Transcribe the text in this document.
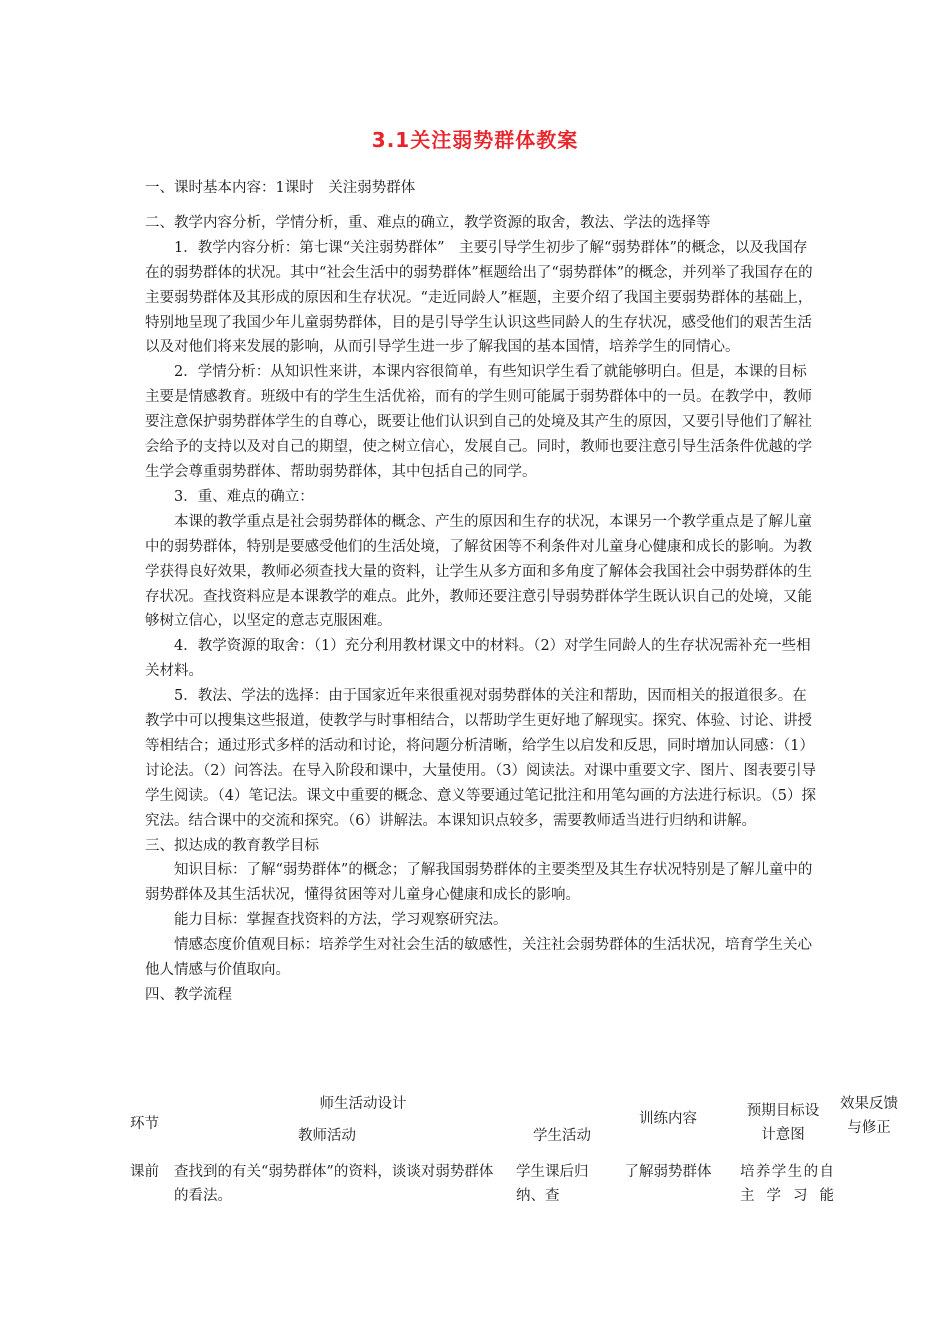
3.1关注弱势群体教案

一、课时基本内容：1课时　关注弱势群体

二、教学内容分析，学情分析，重、难点的确立，教学资源的取舍，教法、学法的选择等

1．教学内容分析：第七课“关注弱势群体”　主要引导学生初步了解“弱势群体”的概念，以及我国存在的弱势群体的状况。其中“社会生活中的弱势群体”框题给出了“弱势群体”的概念，并列举了我国存在的主要弱势群体及其形成的原因和生存状况。“走近同龄人”框题，主要介绍了我国主要弱势群体的基础上，特别地呈现了我国少年儿童弱势群体，目的是引导学生认识这些同龄人的生存状况，感受他们的艰苦生活以及对他们将来发展的影响，从而引导学生进一步了解我国的基本国情，培养学生的同情心。

2．学情分析：从知识性来讲，本课内容很简单，有些知识学生看了就能够明白。但是，本课的目标主要是情感教育。班级中有的学生生活优裕，而有的学生则可能属于弱势群体中的一员。在教学中，教师要注意保护弱势群体学生的自尊心，既要让他们认识到自己的处境及其产生的原因，又要引导他们了解社会给予的支持以及对自己的期望，使之树立信心，发展自己。同时，教师也要注意引导生活条件优越的学生学会尊重弱势群体、帮助弱势群体，其中包括自己的同学。

3．重、难点的确立：

本课的教学重点是社会弱势群体的概念、产生的原因和生存的状况，本课另一个教学重点是了解儿童中的弱势群体，特别是要感受他们的生活处境，了解贫困等不利条件对儿童身心健康和成长的影响。为教学获得良好效果，教师必须查找大量的资料，让学生从多方面和多角度了解体会我国社会中弱势群体的生存状况。查找资料应是本课教学的难点。此外，教师还要注意引导弱势群体学生既认识自己的处境，又能够树立信心，以坚定的意志克服困难。

4．教学资源的取舍：（1）充分利用教材课文中的材料。（2）对学生同龄人的生存状况需补充一些相关材料。

5．教法、学法的选择：由于国家近年来很重视对弱势群体的关注和帮助，因而相关的报道很多。在教学中可以搜集这些报道，使教学与时事相结合，以帮助学生更好地了解现实。探究、体验、讨论、讲授等相结合；通过形式多样的活动和讨论，将问题分析清晰，给学生以启发和反思，同时增加认同感：（1）讨论法。（2）问答法。在导入阶段和课中，大量使用。（3）阅读法。对课中重要文字、图片、图表要引导学生阅读。（4）笔记法。课文中重要的概念、意义等要通过笔记批注和用笔勾画的方法进行标识。（5）探究法。结合课中的交流和探究。（6）讲解法。本课知识点较多，需要教师适当进行归纳和讲解。

三、拟达成的教育教学目标

知识目标：了解“弱势群体”的概念；了解我国弱势群体的主要类型及其生存状况特别是了解儿童中的弱势群体及其生活状况，懂得贫困等对儿童身心健康和成长的影响。

能力目标：掌握查找资料的方法，学习观察研究法。

情感态度价值观目标：培养学生对社会生活的敏感性，关注社会弱势群体的生活状况，培育学生关心他人情感与价值取向。

四、教学流程

环节	师生活动设计		训练内容	预期目标设计意图	效果反馈与修正
	教师活动	学生活动			
课前	查找到的有关“弱势群体”的资料，谈谈对弱势群体的看法。	学生课后归纳、查	了解弱势群体	培养学生的自主学习能	
